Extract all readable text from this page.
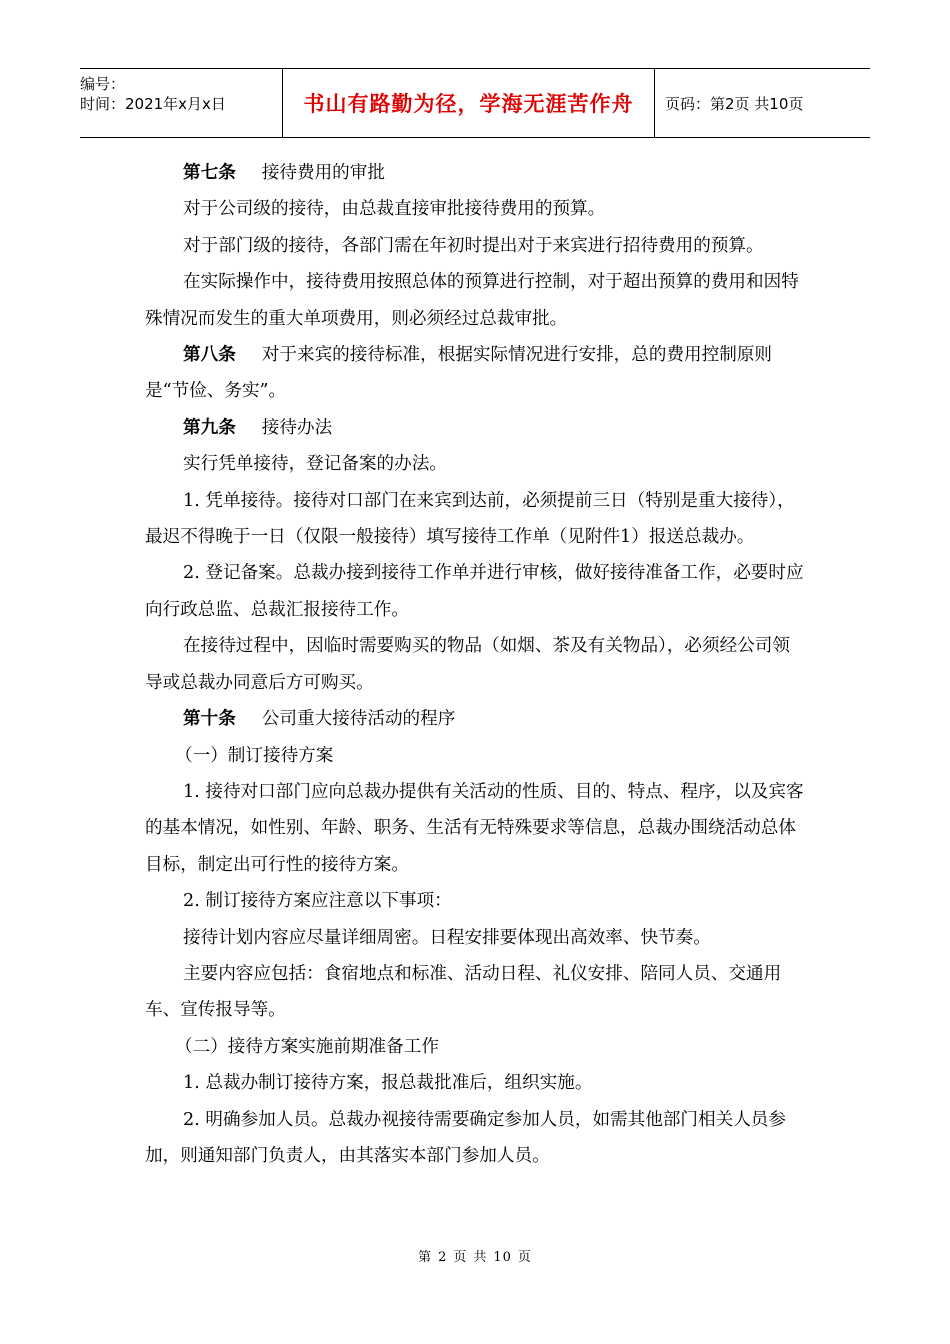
编号：
时间：2021年x月x日	书山有路勤为径，学海无涯苦作舟	页码：第2页 共10页

第七条 接待费用的审批

对于公司级的接待，由总裁直接审批接待费用的预算。

对于部门级的接待，各部门需在年初时提出对于来宾进行招待费用的预算。

在实际操作中，接待费用按照总体的预算进行控制，对于超出预算的费用和因特殊情况而发生的重大单项费用，则必须经过总裁审批。

第八条 对于来宾的接待标准，根据实际情况进行安排，总的费用控制原则是“节俭、务实”。

第九条 接待办法

实行凭单接待，登记备案的办法。

1. 凭单接待。接待对口部门在来宾到达前，必须提前三日（特别是重大接待），最迟不得晚于一日（仅限一般接待）填写接待工作单（见附件1）报送总裁办。

2. 登记备案。总裁办接到接待工作单并进行审核，做好接待准备工作，必要时应向行政总监、总裁汇报接待工作。

在接待过程中，因临时需要购买的物品（如烟、茶及有关物品），必须经公司领导或总裁办同意后方可购买。

第十条 公司重大接待活动的程序

（一）制订接待方案

1. 接待对口部门应向总裁办提供有关活动的性质、目的、特点、程序，以及宾客的基本情况，如性别、年龄、职务、生活有无特殊要求等信息，总裁办围绕活动总体目标，制定出可行性的接待方案。

2. 制订接待方案应注意以下事项：

接待计划内容应尽量详细周密。日程安排要体现出高效率、快节奏。

主要内容应包括：食宿地点和标准、活动日程、礼仪安排、陪同人员、交通用车、宣传报导等。

（二）接待方案实施前期准备工作

1. 总裁办制订接待方案，报总裁批准后，组织实施。

2. 明确参加人员。总裁办视接待需要确定参加人员，如需其他部门相关人员参加，则通知部门负责人，由其落实本部门参加人员。

第 2 页 共 10 页
